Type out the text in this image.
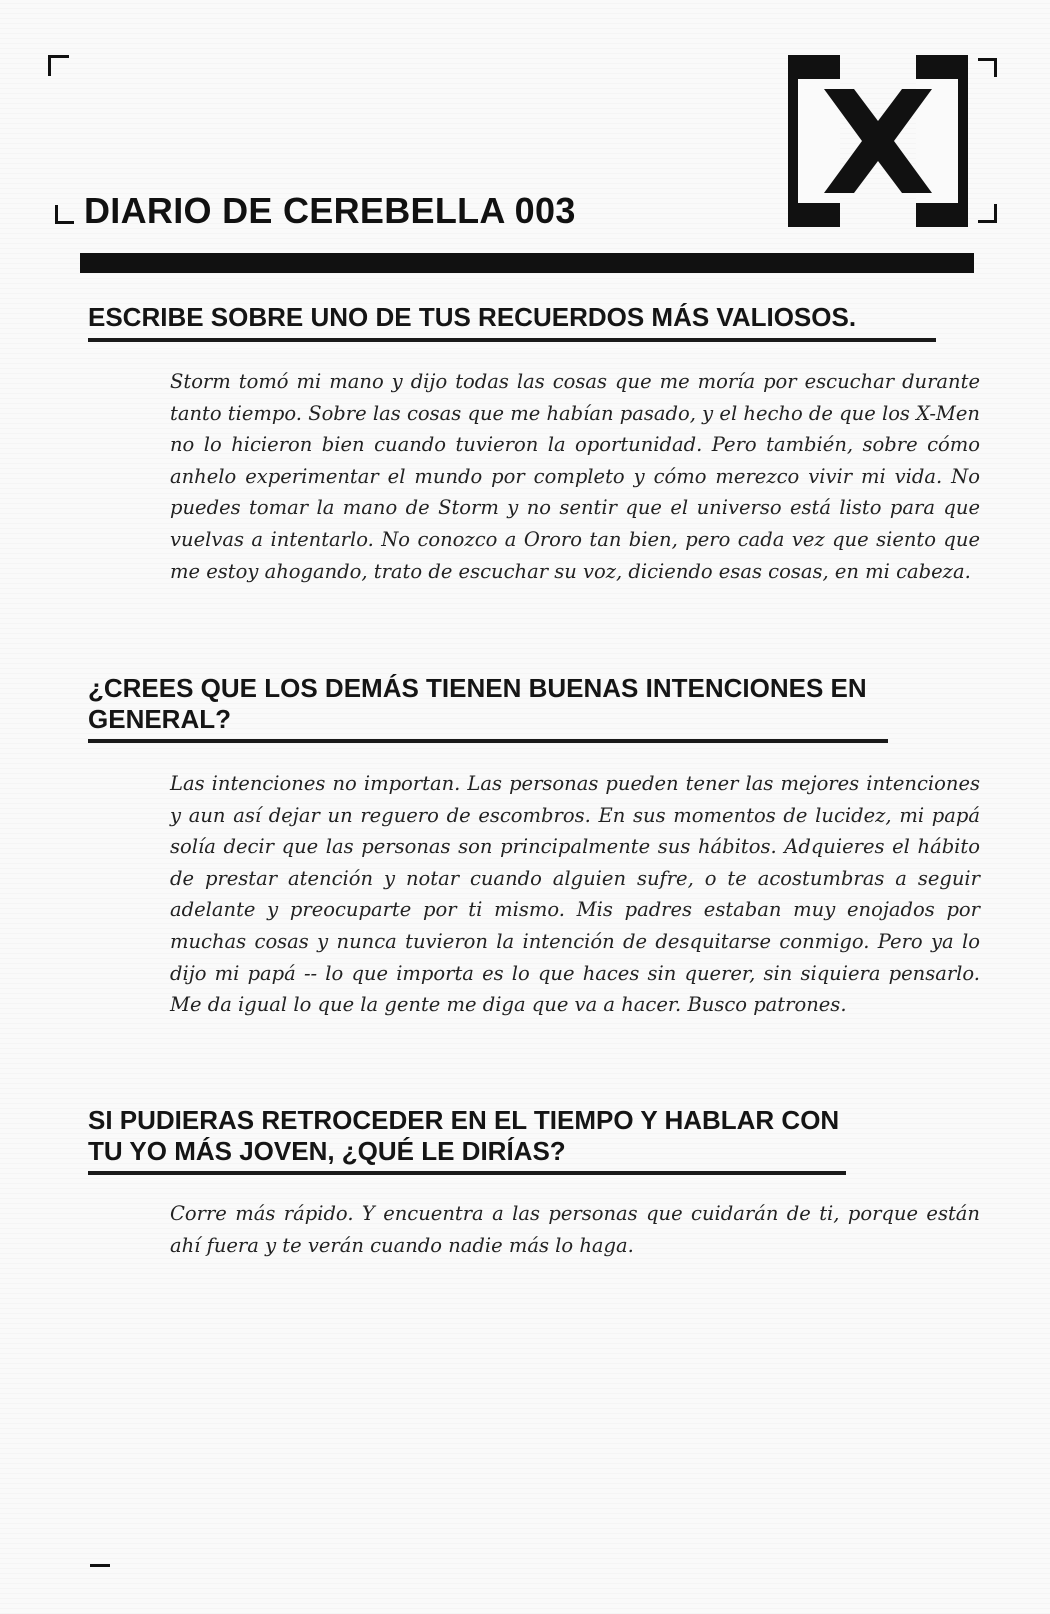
DIARIO DE CEREBELLA 003
ESCRIBE SOBRE UNO DE TUS RECUERDOS MÁS VALIOSOS.

Storm tomó mi mano y dijo todas las cosas que me moría por escuchar durante tanto tiempo. Sobre las cosas que me habían pasado, y el hecho de que los X-Men no lo hicieron bien cuando tuvieron la oportunidad. Pero también, sobre cómo anhelo experimentar el mundo por completo y cómo merezco vivir mi vida. No puedes tomar la mano de Storm y no sentir que el universo está listo para que vuelvas a intentarlo. No conozco a Ororo tan bien, pero cada vez que siento que me estoy ahogando, trato de escuchar su voz, diciendo esas cosas, en mi cabeza.

¿CREES QUE LOS DEMÁS TIENEN BUENAS INTENCIONES EN GENERAL?

Las intenciones no importan. Las personas pueden tener las mejores intenciones y aun así dejar un reguero de escombros. En sus momentos de lucidez, mi papá solía decir que las personas son principalmente sus hábitos. Adquieres el hábito de prestar atención y notar cuando alguien sufre, o te acostumbras a seguir adelante y preocuparte por ti mismo. Mis padres estaban muy enojados por muchas cosas y nunca tuvieron la intención de desquitarse conmigo. Pero ya lo dijo mi papá -- lo que importa es lo que haces sin querer, sin siquiera pensarlo. Me da igual lo que la gente me diga que va a hacer. Busco patrones.

SI PUDIERAS RETROCEDER EN EL TIEMPO Y HABLAR CON TU YO MÁS JOVEN, ¿QUÉ LE DIRÍAS?

Corre más rápido. Y encuentra a las personas que cuidarán de ti, porque están ahí fuera y te verán cuando nadie más lo haga.
